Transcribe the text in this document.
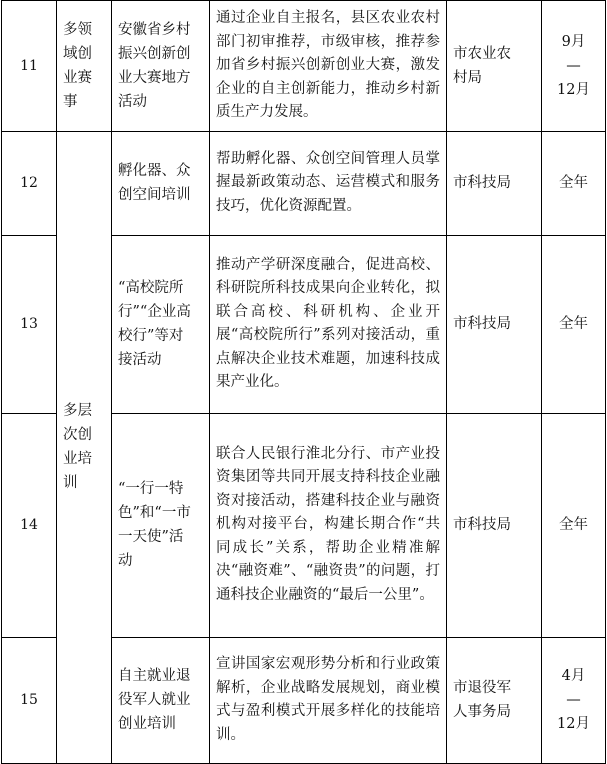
11	多领
域创
业赛
事	安徽省乡村
振兴创新创
业大赛地方
活动	通过企业自主报名，县区农业农村部门初审推荐，市级审核，推荐参加省乡村振兴创新创业大赛，激发企业的自主创新能力，推动乡村新质生产力发展。	市农业农
村局	9月
—
12月

12	多层
次创
业培
训	孵化器、众
创空间培训	帮助孵化器、众创空间管理人员掌握最新政策动态、运营模式和服务技巧，优化资源配置。	市科技局	全年

13		“高校院所
行”“企业高
校行”等对
接活动	推动产学研深度融合，促进高校、科研院所科技成果向企业转化，拟联合高校、科研机构、企业开展“高校院所行”系列对接活动，重点解决企业技术难题，加速科技成果产业化。	市科技局	全年

14		“一行一特
色”和“一市
一天使”活
动	联合人民银行淮北分行、市产业投资集团等共同开展支持科技企业融资对接活动，搭建科技企业与融资机构对接平台，构建长期合作“共同成长”关系，帮助企业精准解决“融资难”、“融资贵”的问题，打通科技企业融资的“最后一公里”。	市科技局	全年

15		自主就业退
役军人就业
创业培训	宣讲国家宏观形势分析和行业政策解析，企业战略发展规划，商业模式与盈利模式开展多样化的技能培训。	市退役军
人事务局	4月
—
12月
